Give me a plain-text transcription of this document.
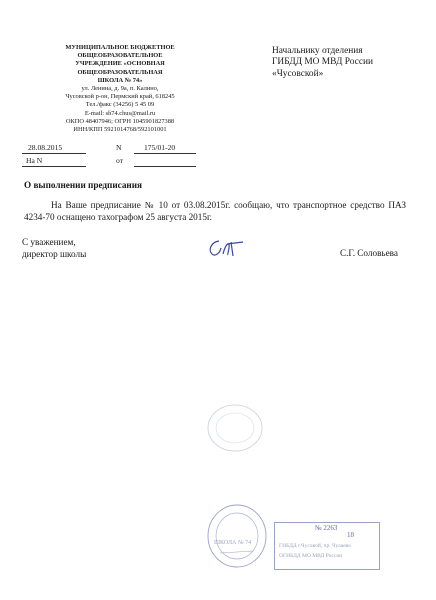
МУНИЦИПАЛЬНОЕ БЮДЖЕТНОЕ
ОБЩЕОБРАЗОВАТЕЛЬНОЕ
УЧРЕЖДЕНИЕ «ОСНОВНАЯ
ОБЩЕОБРАЗОВАТЕЛЬНАЯ
ШКОЛА № 74»
ул. Ленина, д. 9а, п. Калино,
Чусовской р-он, Пермский край, 618245
Тел./факс (34256) 5 45 09
E-mail: sh74.chus@mail.ru
ОКПО 48407946; ОГРН 1045901827388
ИНН/КПП 5921014768/592101001
28.08.2015	N	175/01-20
На N	от
Начальнику отделения
ГИБДД МО МВД России
«Чусовской»
О выполнении предписания

На Ваше предписание № 10 от 03.08.2015г. сообщаю, что транспортное средство ПАЗ 4234-70 оснащено тахографом 25 августа 2015г.

С уважением,
директор школы	С.Г. Соловьева
ШКОЛА № 74
№ 2263
18
ГИБДД г.Чусовой, пр. Чулаево
ОГИБДД МО МВД России
